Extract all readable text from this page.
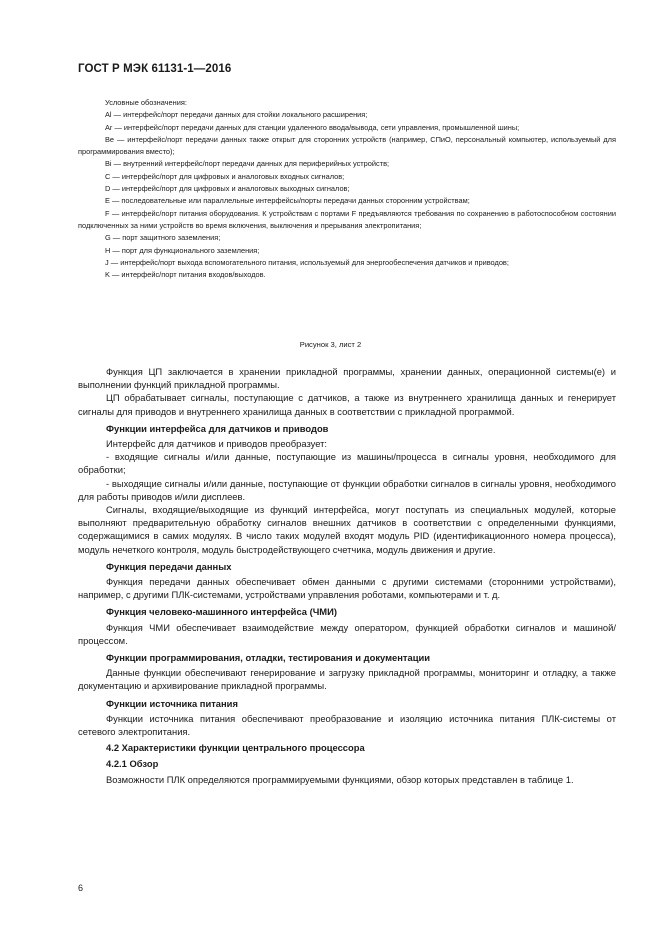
ГОСТ Р МЭК 61131-1—2016

Условные обозначения:

Al — интерфейс/порт передачи данных для стойки локального расширения;

Ar — интерфейс/порт передачи данных для станции удаленного ввода/вывода, сети управления, промышленной шины;

Be — интерфейс/порт передачи данных также открыт для сторонних устройств (например, CПиО, персональный компьютер, используемый для программирования вместо);

Bi — внутренний интерфейс/порт передачи данных для периферийных устройств;

C — интерфейс/порт для цифровых и аналоговых входных сигналов;

D — интерфейс/порт для цифровых и аналоговых выходных сигналов;

E — последовательные или параллельные интерфейсы/порты передачи данных сторонним устройствам;

F — интерфейс/порт питания оборудования. К устройствам с портами F предъявляются требования по сохранению в работоспособном состоянии подключенных за ними устройств во время включения, выключения и прерывания электропитания;

G — порт защитного заземления;

H — порт для функционального заземления;

J — интерфейс/порт выхода вспомогательного питания, используемый для энергообеспечения датчиков и приводов;

K — интерфейс/порт питания входов/выходов.

Рисунок 3, лист 2

Функция ЦП заключается в хранении прикладной программы, хранении данных, операционной системы(е) и выполнении функций прикладной программы.

ЦП обрабатывает сигналы, поступающие с датчиков, а также из внутреннего хранилища данных и генерирует сигналы для приводов и внутреннего хранилища данных в соответствии с прикладной программой.

Функции интерфейса для датчиков и приводов

Интерфейс для датчиков и приводов преобразует:

- входящие сигналы и/или данные, поступающие из машины/процесса в сигналы уровня, необходимого для обработки;

- выходящие сигналы и/или данные, поступающие от функции обработки сигналов в сигналы уровня, необходимого для работы приводов и/или дисплеев.

Сигналы, входящие/выходящие из функций интерфейса, могут поступать из специальных модулей, которые выполняют предварительную обработку сигналов внешних датчиков в соответствии с определенными функциями, содержащимися в самих модулях. В число таких модулей входят модуль PID (идентификационного номера процесса), модуль нечеткого контроля, модуль быстродействующего счетчика, модуль движения и другие.

Функция передачи данных

Функция передачи данных обеспечивает обмен данными с другими системами (сторонними устройствами), например, с другими ПЛК-системами, устройствами управления роботами, компьютерами и т. д.

Функция человеко-машинного интерфейса (ЧМИ)

Функция ЧМИ обеспечивает взаимодействие между оператором, функцией обработки сигналов и машиной/процессом.

Функции программирования, отладки, тестирования и документации

Данные функции обеспечивают генерирование и загрузку прикладной программы, мониторинг и отладку, а также документацию и архивирование прикладной программы.

Функции источника питания

Функции источника питания обеспечивают преобразование и изоляцию источника питания ПЛК-системы от сетевого электропитания.

4.2 Характеристики функции центрального процессора

4.2.1 Обзор

Возможности ПЛК определяются программируемыми функциями, обзор которых представлен в таблице 1.

6
